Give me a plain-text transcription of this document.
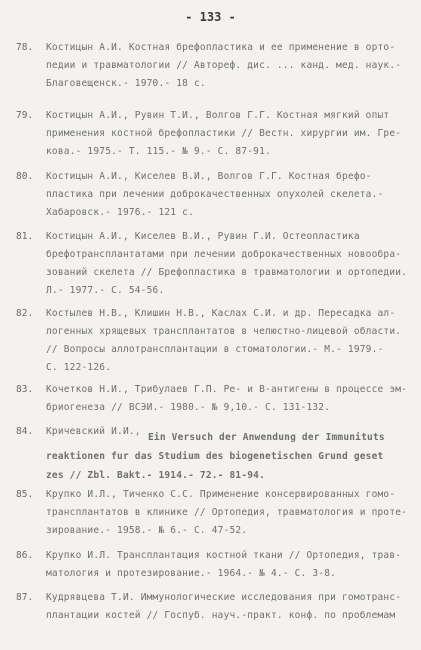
- 133 -
78. Костицын А.И. Костная брефопластика и ее применение в орто-
педии и травматологии // Автореф. дис. ... канд. мед. наук.-
Благовещенск.- 1970.- 18 с.
79. Костицын А.И., Рувин Т.И., Волгов Г.Г. Костная мягкий опыт
применения костной брефопластики // Вестн. хирургии им. Гре-
кова.- 1975.- Т. 115.- № 9.- С. 87-91.
80. Костицын А.И., Киселев В.И., Волгов Г.Г. Костная брефо-
пластика при лечении доброкачественных опухолей скелета.-
Хабаровск.- 1976.- 121 с.
81. Костицын А.И., Киселев В.И., Рувин Г.И. Остеопластика
брефотрансплантатами при лечении доброкачественных новообра-
зований скелета // Брефопластика в травматологии и ортопедии.
Л.- 1977.- С. 54-56.
82. Костылев Н.В., Клишин Н.В., Каслах С.И. и др. Пересадка ал-
логенных хрящевых трансплантатов в челюстно-лицевой области.
// Вопросы аллотрансплантации в стоматологии.- М.- 1979.-
С. 122-126.
83. Кочетков Н.И., Трибулаев Г.П. Ре- и В-антигены в процессе эм-
бриогенеза // ВСЭИ.- 1980.- № 9,10.- С. 131-132.
84. Кричевский И.И.,
Ein Versuch der Anwendung der Immunituts
reaktionen fur das Studium des biogenetischen Grund geset
zes // Zbl. Bakt.- 1914.- 72.- 81-94.
85. Крупко И.Л., Тиченко С.С. Применение консервированных гомо-
трансплантатов в клинике // Ортопедия, травматология и проте-
зирование.- 1958.- № 6.- С. 47-52.
86. Крупко И.Л. Трансплантация костной ткани // Ортопедия, трав-
матология и протезирование.- 1964.- № 4.- С. 3-8.
87. Кудрявцева Т.И. Иммунологические исследования при гомотранс-
плантации костей // Госпуб. науч.-практ. конф. по проблемам
